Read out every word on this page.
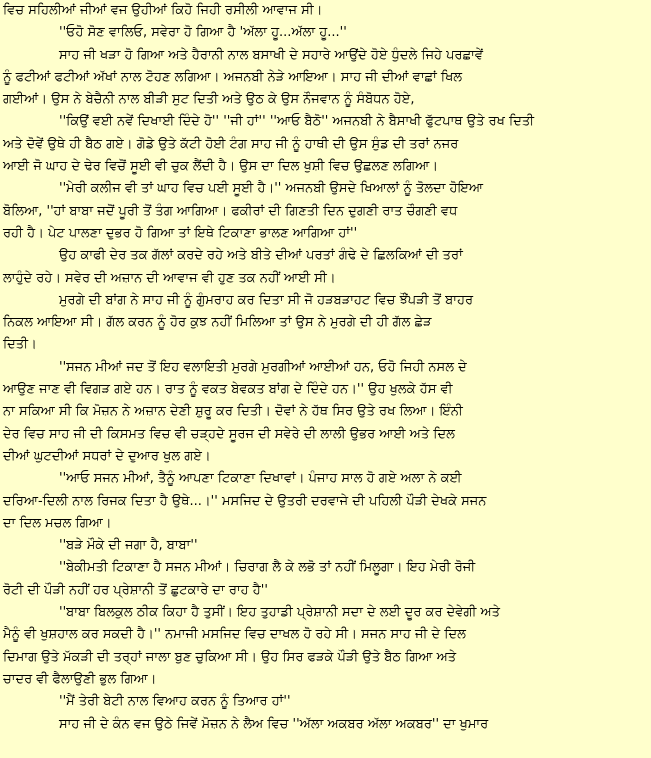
ਵਿਚ ਸਹਿਲੀਆਂ ਜੀਆਂ ਵਜ ਉਹੀਆਂ ਕਿਹੋ ਜਿਹੀ ਰਸੀਲੀ ਆਵਾਜ ਸੀ।
''ਓਹੋ ਸੋਣ ਵਾਲਿਓ, ਸਵੇਰਾ ਹੋ ਗਿਆ ਹੈ 'ਅੱਲਾ ਹੂ...ਅੱਲਾ ਹੂ...''
ਸਾਹ ਜੀ ਖੜਾ ਹੋ ਗਿਆ ਅਤੇ ਹੈਰਾਨੀ ਨਾਲ ਬਸਾਖੀ ਦੇ ਸਹਾਰੇ ਆਉਂਦੇ ਹੋਏ ਧੁੰਦਲੇ ਜਿਹੇ ਪਰਛਾਵੇਂ
ਨੂੰ ਫਟੀਆਂ ਫਟੀਆਂ ਅੱਖਾਂ ਨਾਲ ਟੋਹਣ ਲਗਿਆ। ਅਜਨਬੀ ਨੇੜੇ ਆਇਆ। ਸਾਹ ਜੀ ਦੀਆਂ ਵਾਛਾਂ ਖਿਲ
ਗਈਆਂ। ਉਸ ਨੇ ਬੇਚੈਨੀ ਨਾਲ ਬੀੜੀ ਸੁਟ ਦਿਤੀ ਅਤੇ ਉਠ ਕੇ ਉਸ ਨੌਜਵਾਨ ਨੂੰ ਸੰਬੋਧਨ ਹੋਏ,
''ਕਿਉਂ ਵਈ ਨਵੇਂ ਦਿਖਾਈ ਦਿੰਦੇ ਹੋ'' ''ਜੀ ਹਾਂ'' ''ਆਓ ਬੈਠੋ'' ਅਜਨਬੀ ਨੇ ਬੈਸਾਖੀ ਫੁੱਟਪਾਥ ਉਤੇ ਰਖ ਦਿਤੀ
ਅਤੇ ਦੋਵੇਂ ਉਥੇ ਹੀ ਬੈਠ ਗਏ। ਗੋਡੇ ਉਤੇ ਕੱਟੀ ਹੋਈ ਟੰਗ ਸਾਹ ਜੀ ਨੂੰ ਹਾਥੀ ਦੀ ਉਸ ਸੁੰਡ ਦੀ ਤਰਾਂ ਨਜਰ
ਆਈ ਜੋ ਘਾਹ ਦੇ ਢੇਰ ਵਿਚੋਂ ਸੂਈ ਵੀ ਚੁਕ ਲੈਂਦੀ ਹੈ। ਉਸ ਦਾ ਦਿਲ ਖੁਸ਼ੀ ਵਿਚ ਉਛਲਣ ਲਗਿਆ।
''ਮੇਰੀ ਕਲੀਜ ਵੀ ਤਾਂ ਘਾਹ ਵਿਚ ਪਈ ਸੂਈ ਹੈ।'' ਅਜਨਬੀ ਉਸਦੇ ਖਿਆਲਾਂ ਨੂੰ ਤੋਲਦਾ ਹੋਇਆ
ਬੋਲਿਆ, ''ਹਾਂ ਬਾਬਾ ਜਦੋਂ ਪੂਰੀ ਤੋਂ ਤੰਗ ਆਗਿਆ। ਫਕੀਰਾਂ ਦੀ ਗਿਣਤੀ ਦਿਨ ਦੁਗਣੀ ਰਾਤ ਚੌਗਣੀ ਵਧ
ਰਹੀ ਹੈ। ਪੇਟ ਪਾਲਣਾ ਦੁਭਰ ਹੋ ਗਿਆ ਤਾਂ ਇਥੇ ਟਿਕਾਣਾ ਭਾਲਣ ਆਗਿਆ ਹਾਂ''
ਉਹ ਕਾਫੀ ਦੇਰ ਤਕ ਗੱਲਾਂ ਕਰਦੇ ਰਹੇ ਅਤੇ ਬੀਤੇ ਦੀਆਂ ਪਰਤਾਂ ਗੰਢੇ ਦੇ ਛਿਲਕਿਆਂ ਦੀ ਤਰਾਂ
ਲਾਹੁੰਦੇ ਰਹੇ। ਸਵੇਰ ਦੀ ਅਜ਼ਾਨ ਦੀ ਆਵਾਜ ਵੀ ਹੁਣ ਤਕ ਨਹੀਂ ਆਈ ਸੀ।
ਮੁਰਗੇ ਦੀ ਬਾਂਗ ਨੇ ਸਾਹ ਜੀ ਨੂੰ ਗੁੰਮਰਾਹ ਕਰ ਦਿਤਾ ਸੀ ਜੋ ਹੜਬੜਾਹਟ ਵਿਚ ਝੌਂਪੜੀ ਤੋਂ ਬਾਹਰ
ਨਿਕਲ ਆਇਆ ਸੀ। ਗੱਲ ਕਰਨ ਨੂੰ ਹੋਰ ਕੁਝ ਨਹੀਂ ਮਿਲਿਆ ਤਾਂ ਉਸ ਨੇ ਮੁਰਗੇ ਦੀ ਹੀ ਗੱਲ ਛੇੜ
ਦਿਤੀ।
''ਸਜਨ ਮੀਆਂ ਜਦ ਤੋਂ ਇਹ ਵਲਾਇਤੀ ਮੁਰਗੇ ਮੁਰਗੀਆਂ ਆਈਆਂ ਹਨ, ਓਹੋ ਜਿਹੀ ਨਸਲ ਦੇ
ਆਉਣ ਜਾਣ ਵੀ ਵਿਗੜ ਗਏ ਹਨ। ਰਾਤ ਨੂੰ ਵਕਤ ਬੇਵਕਤ ਬਾਂਗ ਦੇ ਦਿੰਦੇ ਹਨ।'' ਉਹ ਖੁਲਕੇ ਹੱਸ ਵੀ
ਨਾ ਸਕਿਆ ਸੀ ਕਿ ਮੋਜ਼ਨ ਨੇ ਅਜ਼ਾਨ ਦੇਣੀ ਸ਼ੁਰੂ ਕਰ ਦਿਤੀ। ਦੋਵਾਂ ਨੇ ਹੱਥ ਸਿਰ ਉਤੇ ਰਖ ਲਿਆ। ਇੰਨੀ
ਦੇਰ ਵਿਚ ਸਾਹ ਜੀ ਦੀ ਕਿਸਮਤ ਵਿਚ ਵੀ ਚੜ੍ਹਦੇ ਸੂਰਜ ਦੀ ਸਵੇਰੇ ਦੀ ਲਾਲੀ ਉਭਰ ਆਈ ਅਤੇ ਦਿਲ
ਦੀਆਂ ਘੁਟਦੀਆਂ ਸਧਰਾਂ ਦੇ ਦੁਆਰ ਖੁਲ ਗਏ।
''ਆਓ ਸਜਨ ਮੀਆਂ, ਤੈਨੂੰ ਆਪਣਾ ਟਿਕਾਣਾ ਦਿਖਾਵਾਂ। ਪੰਜਾਹ ਸਾਲ ਹੋ ਗਏ ਅਲਾ ਨੇ ਕਈ
ਦਰਿਆ-ਦਿਲੀ ਨਾਲ ਰਿਜਕ ਦਿਤਾ ਹੈ ਉਥੇ...।'' ਮਸਜਿਦ ਦੇ ਉਤਰੀ ਦਰਵਾਜੇ ਦੀ ਪਹਿਲੀ ਪੌੜੀ ਦੇਖਕੇ ਸਜਨ
ਦਾ ਦਿਲ ਮਚਲ ਗਿਆ।
''ਬੜੇ ਮੌਕੇ ਦੀ ਜਗਾ ਹੈ, ਬਾਬਾ''
''ਬੇਕੀਮਤੀ ਟਿਕਾਣਾ ਹੈ ਸਜਨ ਮੀਆਂ। ਚਿਰਾਗ ਲੈ ਕੇ ਲਭੋ ਤਾਂ ਨਹੀਂ ਮਿਲੂਗਾ। ਇਹ ਮੇਰੀ ਰੋਜੀ
ਰੋਟੀ ਦੀ ਪੌੜੀ ਨਹੀਂ ਹਰ ਪ੍ਰੇਸ਼ਾਨੀ ਤੋਂ ਛੁਟਕਾਰੇ ਦਾ ਰਾਹ ਹੈ''
''ਬਾਬਾ ਬਿਲਕੁਲ ਠੀਕ ਕਿਹਾ ਹੈ ਤੁਸੀਂ। ਇਹ ਤੁਹਾਡੀ ਪ੍ਰੇਸ਼ਾਨੀ ਸਦਾ ਦੇ ਲਈ ਦੂਰ ਕਰ ਦੇਵੇਗੀ ਅਤੇ
ਮੈਨੂੰ ਵੀ ਖੁਸ਼ਹਾਲ ਕਰ ਸਕਦੀ ਹੈ।'' ਨਮਾਜੀ ਮਸਜਿਦ ਵਿਚ ਦਾਖਲ ਹੋ ਰਹੇ ਸੀ। ਸਜਨ ਸਾਹ ਜੀ ਦੇ ਦਿਲ
ਦਿਮਾਗ ਉਤੇ ਮੱਕੜੀ ਦੀ ਤਰ੍ਹਾਂ ਜਾਲਾ ਬੁਣ ਚੁਕਿਆ ਸੀ। ਉਹ ਸਿਰ ਫੜਕੇ ਪੌੜੀ ਉਤੇ ਬੈਠ ਗਿਆ ਅਤੇ
ਚਾਦਰ ਵੀ ਫੈਲਾਉਣੀ ਭੁਲ ਗਿਆ।
''ਮੈਂ ਤੇਰੀ ਬੇਟੀ ਨਾਲ ਵਿਆਹ ਕਰਨ ਨੂੰ ਤਿਆਰ ਹਾਂ''
ਸਾਹ ਜੀ ਦੇ ਕੰਨ ਵਜ ਉਠੇ ਜਿਵੇਂ ਮੋਜ਼ਨ ਨੇ ਲੈਅ ਵਿਚ ''ਅੱਲਾ ਅਕਬਰ ਅੱਲਾ ਅਕਬਰ'' ਦਾ ਖੁਮਾਰ
